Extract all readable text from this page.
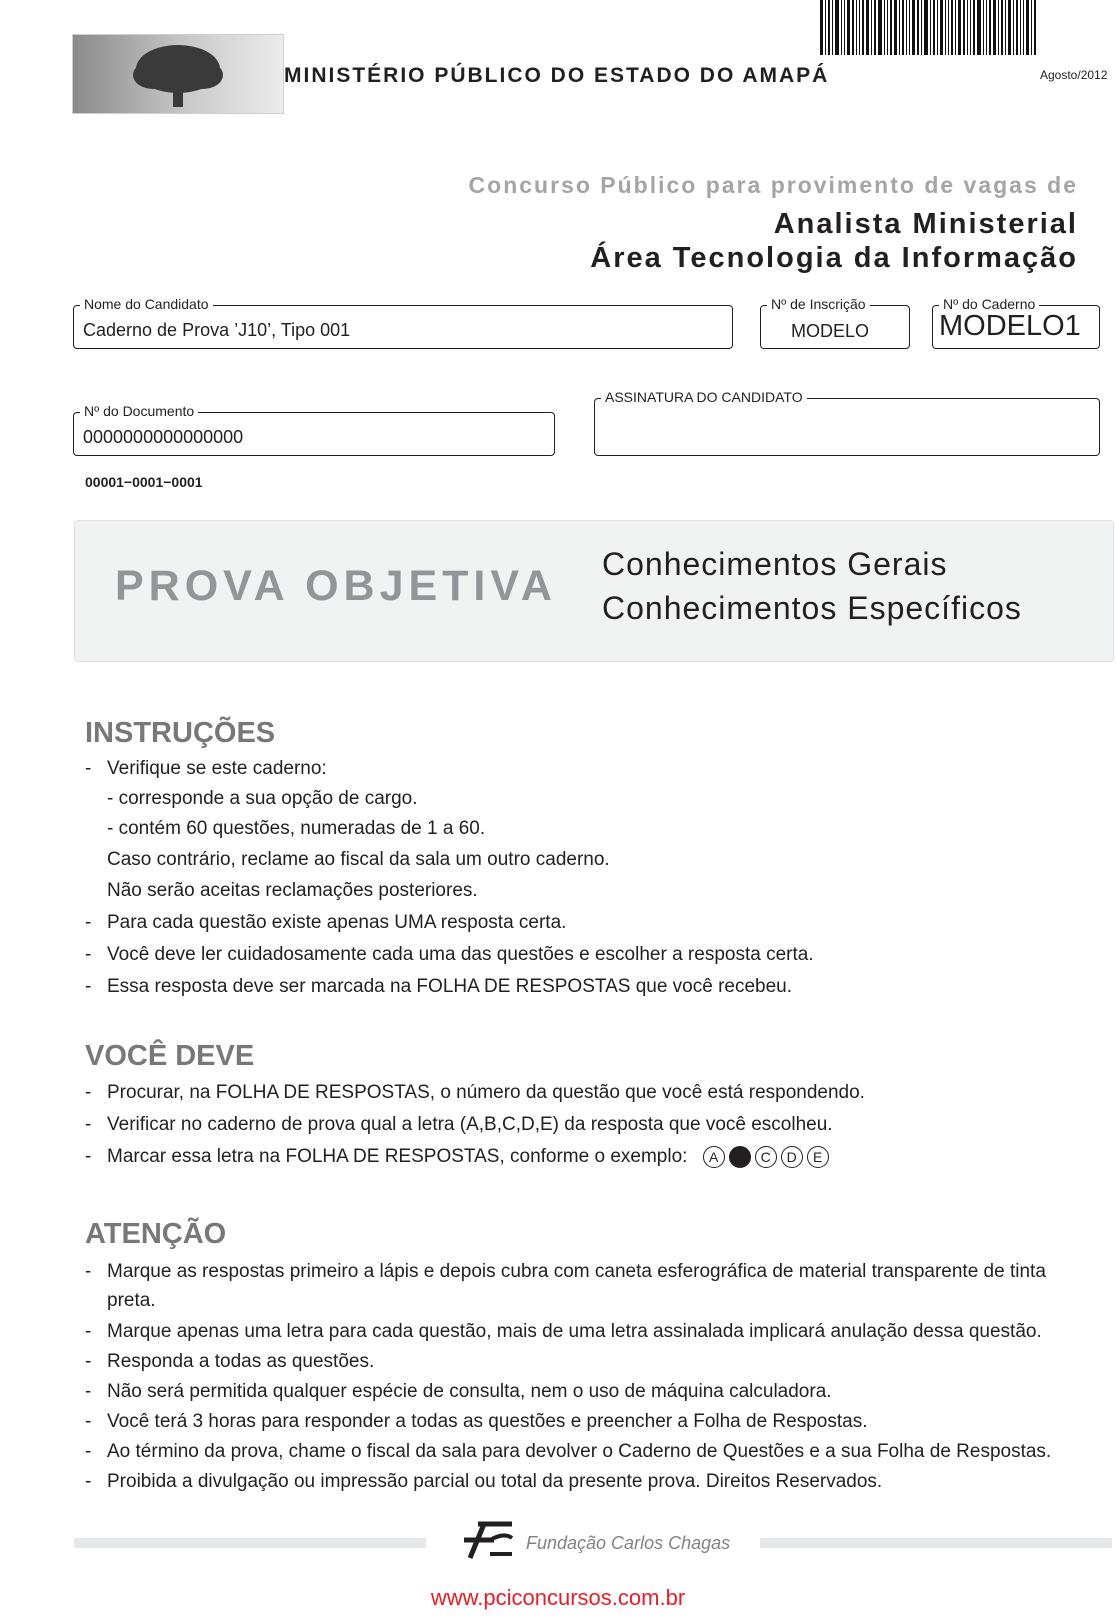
MINISTÉRIO PÚBLICO DO ESTADO DO AMAPÁ	Agosto/2012
Concurso Público para provimento de vagas de
Analista Ministerial
Área Tecnologia da Informação
Nome do Candidato
Caderno de Prova ’J10’, Tipo 001
Nº de Inscrição
MODELO
Nº do Caderno
MODELO1
Nº do Documento
0000000000000000
ASSINATURA DO CANDIDATO
00001−0001−0001
PROVA OBJETIVA Conhecimentos Gerais
Conhecimentos Específicos
INSTRUÇÕES
- Verifique se este caderno:
- corresponde a sua opção de cargo.
- contém 60 questões, numeradas de 1 a 60.
Caso contrário, reclame ao fiscal da sala um outro caderno.
Não serão aceitas reclamações posteriores.
- Para cada questão existe apenas UMA resposta certa.
- Você deve ler cuidadosamente cada uma das questões e escolher a resposta certa.
- Essa resposta deve ser marcada na FOLHA DE RESPOSTAS que você recebeu.
VOCÊ DEVE
- Procurar, na FOLHA DE RESPOSTAS, o número da questão que você está respondendo.
- Verificar no caderno de prova qual a letra (A,B,C,D,E) da resposta que você escolheu.
- Marcar essa letra na FOLHA DE RESPOSTAS, conforme o exemplo:	A	C	D	E
ATENÇÃO
- Marque as respostas primeiro a lápis e depois cubra com caneta esferográfica de material transparente de tinta
preta.
- Marque apenas uma letra para cada questão, mais de uma letra assinalada implicará anulação dessa questão.
- Responda a todas as questões.
- Não será permitida qualquer espécie de consulta, nem o uso de máquina calculadora.
- Você terá 3 horas para responder a todas as questões e preencher a Folha de Respostas.
- Ao término da prova, chame o fiscal da sala para devolver o Caderno de Questões e a sua Folha de Respostas.
- Proibida a divulgação ou impressão parcial ou total da presente prova. Direitos Reservados.
Fundação Carlos Chagas
www.pciconcursos.com.br
